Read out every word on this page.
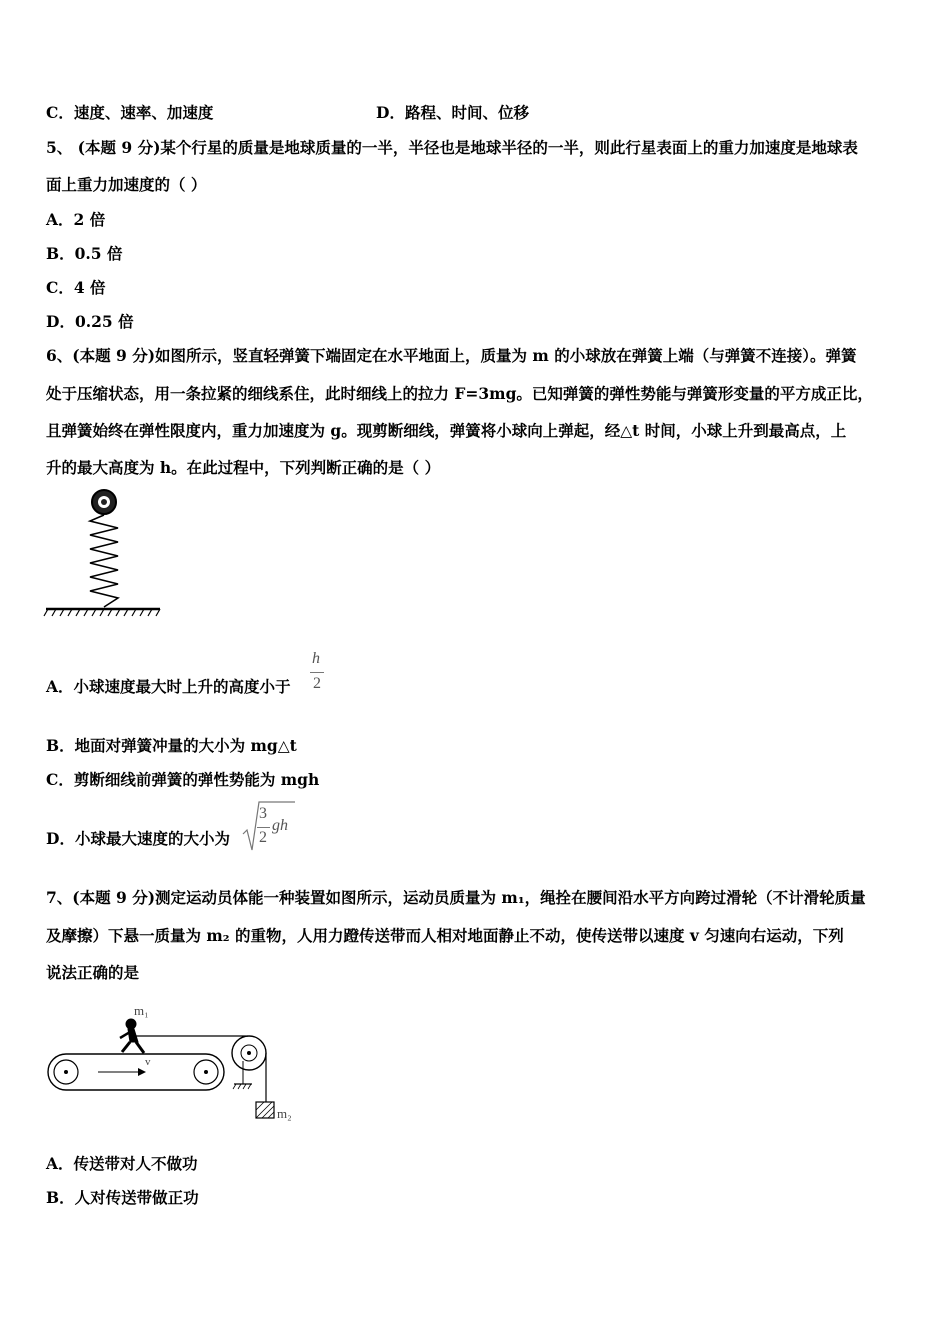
C．速度、速率、加速度	D．路程、时间、位移
5、 (本题 9 分)某个行星的质量是地球质量的一半，半径也是地球半径的一半，则此行星表面上的重力加速度是地球表
面上重力加速度的（ ）
A．2 倍
B．0.5 倍
C．4 倍
D．0.25 倍
6、(本题 9 分)如图所示，竖直轻弹簧下端固定在水平地面上，质量为 m 的小球放在弹簧上端（与弹簧不连接）。弹簧
处于压缩状态，用一条拉紧的细线系住，此时细线上的拉力 F=3mg。已知弹簧的弹性势能与弹簧形变量的平方成正比，
且弹簧始终在弹性限度内，重力加速度为 g。现剪断细线，弹簧将小球向上弹起，经△t 时间，小球上升到最高点，上
升的最大高度为 h。在此过程中，下列判断正确的是（ ）
A．小球速度最大时上升的高度小于
h
2
B．地面对弹簧冲量的大小为 mg△t
C．剪断细线前弹簧的弹性势能为 mgh
D．小球最大速度的大小为
3
2
gh
7、(本题 9 分)测定运动员体能一种装置如图所示，运动员质量为 m₁，绳拴在腰间沿水平方向跨过滑轮（不计滑轮质量
及摩擦）下悬一质量为 m₂ 的重物，人用力蹬传送带而人相对地面静止不动，使传送带以速度 v 匀速向右运动，下列
说法正确的是
m₁
v
m₂
A．传送带对人不做功
B．人对传送带做正功
